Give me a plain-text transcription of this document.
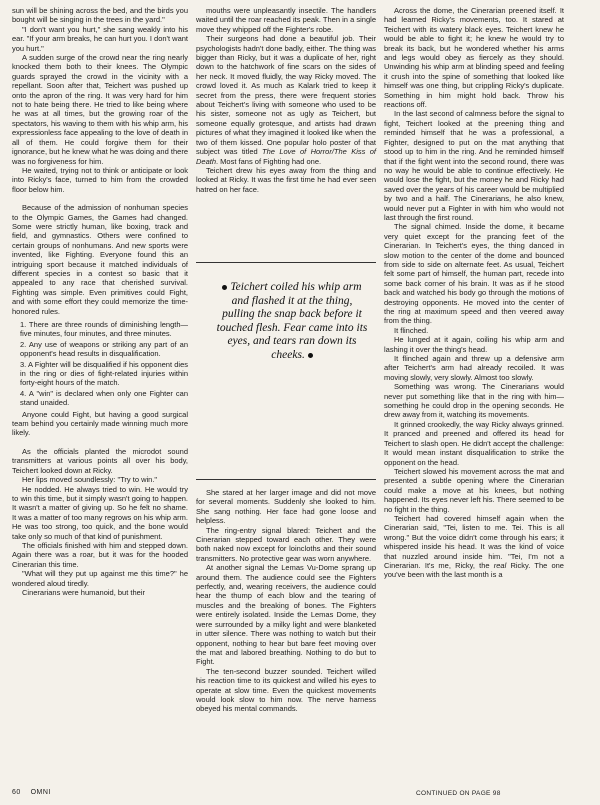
sun will be shining across the bed, and the birds you bought will be singing in the trees in the yard."

"I don't want you hurt," she sang weakly into his ear. "If your arm breaks, he can hurt you. I don't want you hurt."

A sudden surge of the crowd near the ring nearly knocked them both to their knees. The Olympic guards sprayed the crowd in the vicinity with a repellant. Soon after that, Teichert was pushed up onto the apron of the ring. It was very hard for him not to hate being there. He tried to like being where he was at all times, but the growing roar of the spectators, his waving to them with his whip arm, his expressionless face appealing to the love of death in all of them. He could forgive them for their ignorance, but he knew what he was doing and there was no forgiveness for him.

He waited, trying not to think or anticipate or look into Ricky's face, turned to him from the crowded floor below him.

Because of the admission of nonhuman species to the Olympic Games, the Games had changed. Some were strictly human, like boxing, track and field, and gymnastics. Others were confined to certain groups of nonhumans. And new sports were invented, like Fighting. Everyone found this an intriguing sport because it matched individuals of different species in a contest so basic that it appealed to any race that cherished survival. Fighting was simple. Even primitives could Fight, and with some effort they could memorize the time-honored rules.

1. There are three rounds of diminishing length—five minutes, four minutes, and three minutes.
2. Any use of weapons or striking any part of an opponent's head results in disqualification.
3. A Fighter will be disqualified if his opponent dies in the ring or dies of fight-related injuries within forty-eight hours of the match.
4. A "win" is declared when only one Fighter can stand unaided.

Anyone could Fight, but having a good surgical team behind you certainly made winning much more likely.

As the officials planted the microdot sound transmitters at various points all over his body, Teichert looked down at Ricky.

Her lips moved soundlessly: "Try to win."

He nodded. He always tried to win. He would try to win this time, but it simply wasn't going to happen. It wasn't a matter of giving up. So he felt no shame. It was a matter of too many regrows on his whip arm. He was too strong, too quick, and the bone would take only so much of that kind of punishment.

The officials finished with him and stepped down. Again there was a roar, but it was for the hooded Cinerarian this time.

"What will they put up against me this time?" he wondered aloud tiredly.

Cinerarians were humanoid, but their

mouths were unpleasantly insectile. The handlers waited until the roar reached its peak. Then in a single move they whipped off the Fighter's robe.

Their surgeons had done a beautiful job. Their psychologists hadn't done badly, either. The thing was bigger than Ricky, but it was a duplicate of her, right down to the hatchwork of fine scars on the sides of her neck. It moved fluidly, the way Ricky moved. The crowd loved it. As much as Kalark tried to keep it secret from the press, there were frequent stories about Teichert's living with someone who used to be his sister, someone not as ugly as Teichert, but someone equally grotesque, and artists had drawn pictures of what they imagined it looked like when the two of them kissed. One popular holo poster of that subject was titled The Love of Horror/The Kiss of Death. Most fans of Fighting had one.

Teichert drew his eyes away from the thing and looked at Ricky. It was the first time he had ever seen hatred on her face.

Teichert coiled his whip arm and flashed it at the thing, pulling the snap back before it touched flesh. Fear came into its eyes, and tears ran down its cheeks.

She stared at her larger image and did not move for several moments. Suddenly she looked to him. She sang nothing. Her face had gone loose and helpless.

The ring-entry signal blared: Teichert and the Cinerarian stepped toward each other. They were both naked now except for loincloths and their sound transmitters. No protective gear was worn anywhere.

At another signal the Lemas Vu-Dome sprang up around them. The audience could see the Fighters perfectly, and, wearing receivers, the audience could hear the thump of each blow and the tearing of muscles and the breaking of bones. The Fighters were entirely isolated. Inside the Lemas Dome, they were surrounded by a milky light and were blanketed in utter silence. There was nothing to watch but their opponent, nothing to hear but bare feet moving over the mat and labored breathing. Nothing to do but to Fight.

The ten-second buzzer sounded. Teichert willed his reaction time to its quickest and willed his eyes to operate at slow time. Even the quickest movements would look slow to him now. The nerve harness obeyed his mental commands.

Across the dome, the Cinerarian preened itself. It had learned Ricky's movements, too. It stared at Teichert with its watery black eyes. Teichert knew he would be able to fight it; he knew he would try to break its back, but he wondered whether his arms and legs would obey as fiercely as they should. Unwinding his whip arm at blinding speed and feeling it crush into the spine of something that looked like himself was one thing, but crippling Ricky's duplicate. Something in him might hold back. Throw his reactions off.

In the last second of calmness before the signal to fight, Teichert looked at the preening thing and reminded himself that he was a professional, a Fighter, designed to put on the mat anything that stood up to him in the ring. And he reminded himself that if the fight went into the second round, there was no way he would be able to continue effectively. He would lose the fight, but the money he and Ricky had saved over the years of his career would be multiplied by two and a half. The Cinerarians, he also knew, would never put a Fighter in with him who would not last through the first round.

The signal chimed. Inside the dome, it became very quiet except for the prancing feet of the Cinerarian. In Teichert's eyes, the thing danced in slow motion to the center of the dome and bounced from side to side on alternate feet. As usual, Teichert felt some part of himself, the human part, recede into some back corner of his brain. It was as if he stood back and watched his body go through the motions of destroying opponents. He moved into the center of the ring at maximum speed and then veered away from the thing.

It flinched.

He lunged at it again, coiling his whip arm and lashing it over the thing's head.

It flinched again and threw up a defensive arm after Teichert's arm had already recoiled. It was moving slowly, very slowly. Almost too slowly.

Something was wrong. The Cinerarians would never put something like that in the ring with him—something he could drop in the opening seconds. He drew away from it, watching its movements.

It grinned crookedly, the way Ricky always grinned. It pranced and preened and offered its head for Teichert to slash open. He didn't accept the challenge: It would mean instant disqualification to strike the opponent on the head.

Teichert slowed his movement across the mat and presented a subtle opening where the Cinerarian could make a move at his knees, but nothing happened. Its eyes never left his. There seemed to be no fight in the thing.

Teichert had covered himself again when the Cinerarian said, "Tei, listen to me. Tei. This is all wrong." But the voice didn't come through his ears; it whispered inside his head. It was the kind of voice that nuzzled around inside him. "Tei, I'm not a Cinerarian. It's me, Ricky, the real Ricky. The one you've been with the last month is a

60 OMNI	CONTINUED ON PAGE 98
